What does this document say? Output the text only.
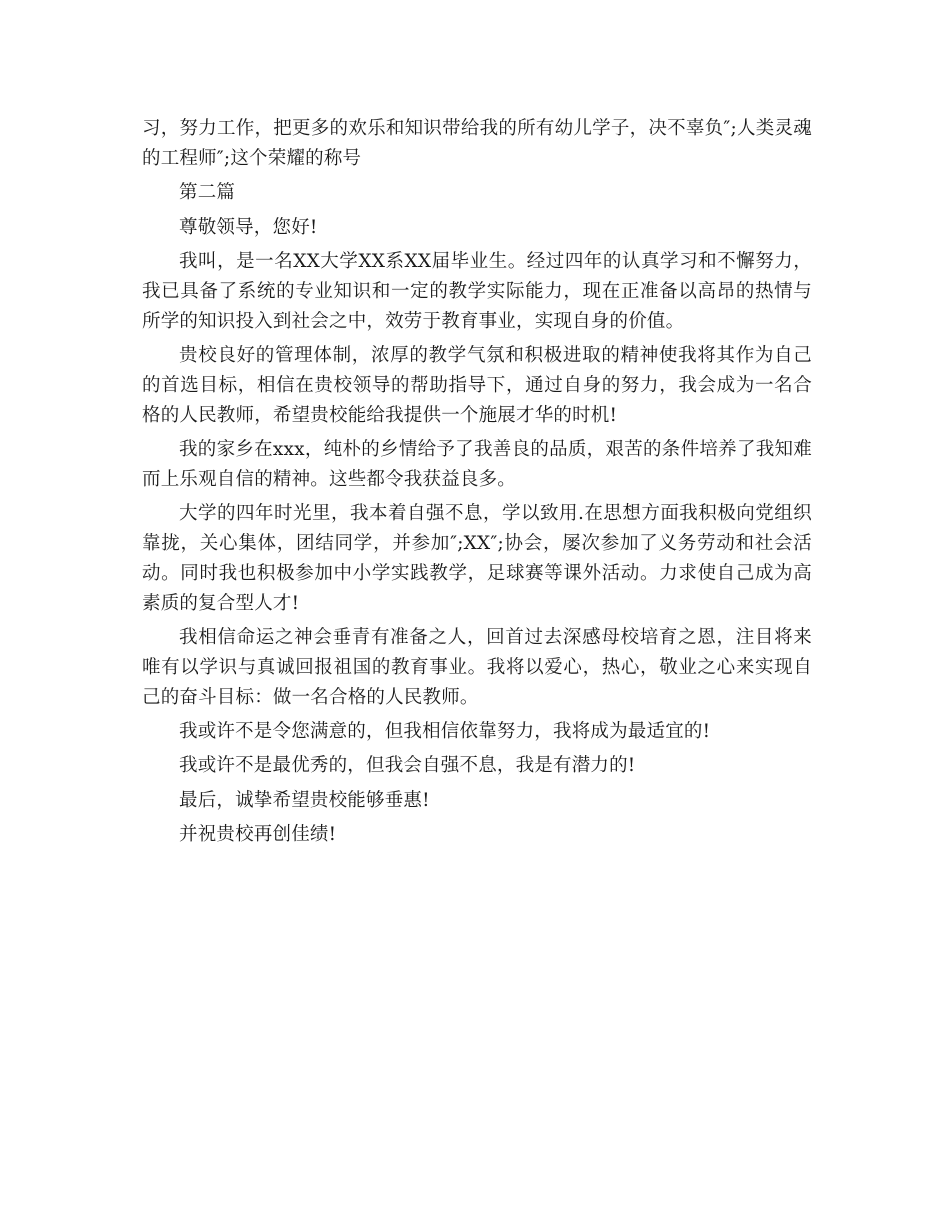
习，努力工作，把更多的欢乐和知识带给我的所有幼儿学子，决不辜负″;人类灵魂的工程师″;这个荣耀的称号

第二篇

尊敬领导，您好!

我叫，是一名XX大学XX系XX届毕业生。经过四年的认真学习和不懈努力，我已具备了系统的专业知识和一定的教学实际能力，现在正准备以高昂的热情与所学的知识投入到社会之中，效劳于教育事业，实现自身的价值。

贵校良好的管理体制，浓厚的教学气氛和积极进取的精神使我将其作为自己的首选目标，相信在贵校领导的帮助指导下，通过自身的努力，我会成为一名合格的人民教师，希望贵校能给我提供一个施展才华的时机!

我的家乡在xxx，纯朴的乡情给予了我善良的品质，艰苦的条件培养了我知难而上乐观自信的精神。这些都令我获益良多。

大学的四年时光里，我本着自强不息，学以致用.在思想方面我积极向党组织靠拢，关心集体，团结同学，并参加″;XX″;协会，屡次参加了义务劳动和社会活动。同时我也积极参加中小学实践教学，足球赛等课外活动。力求使自己成为高素质的复合型人才!

我相信命运之神会垂青有准备之人，回首过去深感母校培育之恩，注目将来唯有以学识与真诚回报祖国的教育事业。我将以爱心，热心，敬业之心来实现自己的奋斗目标：做一名合格的人民教师。

我或许不是令您满意的，但我相信依靠努力，我将成为最适宜的!

我或许不是最优秀的，但我会自强不息，我是有潜力的!

最后，诚挚希望贵校能够垂惠!

并祝贵校再创佳绩!
